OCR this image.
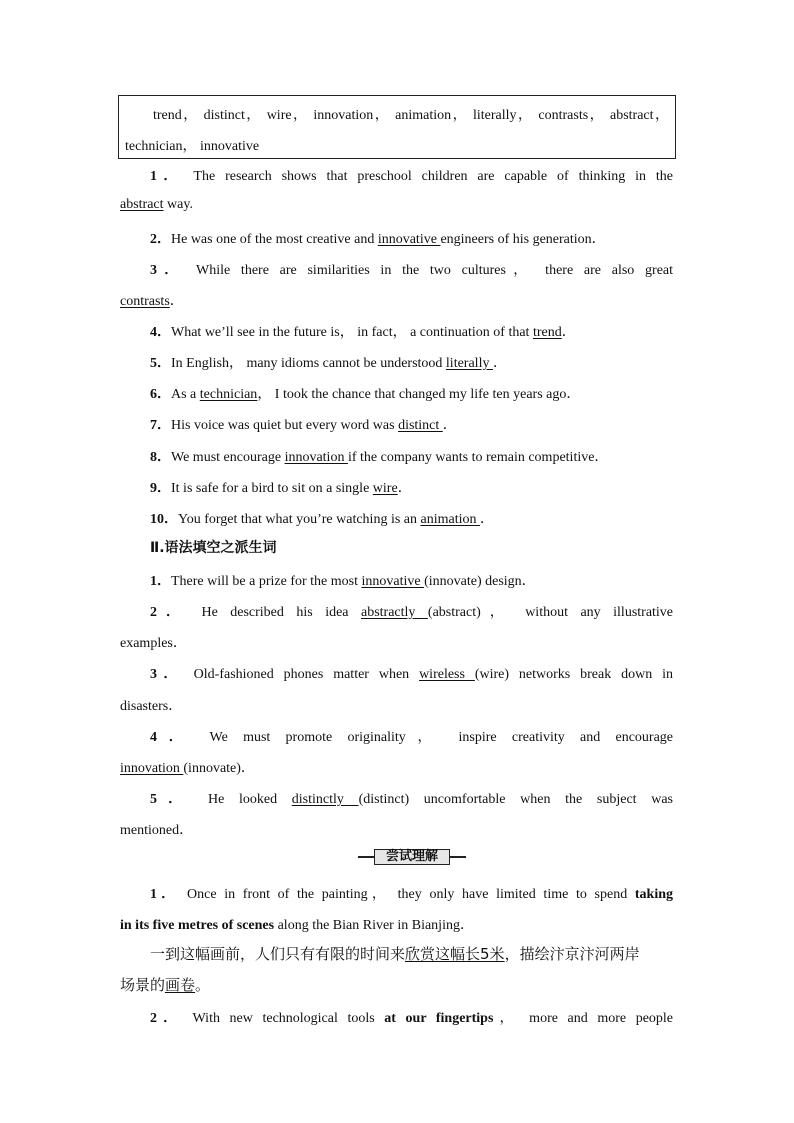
trend， distinct， wire， innovation， animation， literally， contrasts， abstract，
technician， innovative
1． The research shows that preschool children are capable of thinking in the
abstract way.
2．He was one of the most creative and innovative engineers of his generation．
3． While there are similarities in the two cultures， there are also great
contrasts．
4．What we’ll see in the future is， in fact， a continuation of that trend．
5．In English， many idioms cannot be understood literally ．
6．As a technician， I took the chance that changed my life ten years ago．
7．His voice was quiet but every word was distinct ．
8．We must encourage innovation if the company wants to remain competitive．
9．It is safe for a bird to sit on a single wire．
10．You forget that what you’re watching is an animation ．
Ⅱ.语法填空之派生词
1．There will be a prize for the most innovative (innovate) design．
2． He described his idea abstractly (abstract)， without any illustrative
examples．
3． Old-fashioned phones matter when wireless (wire) networks break down in
disasters．
4． We must promote originality， inspire creativity and encourage
innovation (innovate)．
5． He looked distinctly (distinct) uncomfortable when the subject was
mentioned．
尝试理解
1． Once in front of the painting， they only have limited time to spend taking
in its five metres of scenes along the Bian River in Bianjing．
一到这幅画前，人们只有有限的时间来欣赏这幅长5米，描绘汴京汴河两岸
场景的画卷。
2． With new technological tools at our fingertips， more and more people
